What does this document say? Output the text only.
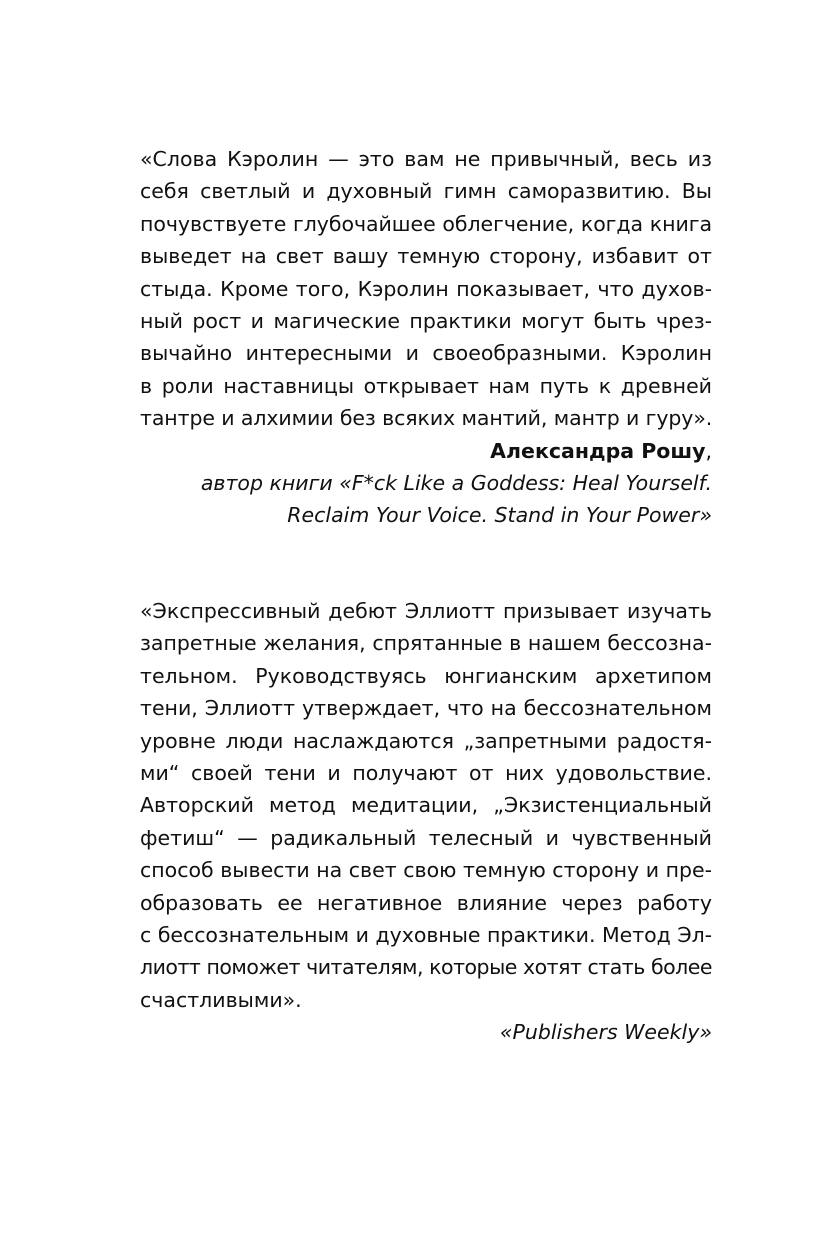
«Слова Кэролин — это вам не привычный, весь из
себя светлый и духовный гимн саморазвитию. Вы
почувствуете глубочайшее облегчение, когда книга
выведет на свет вашу темную сторону, избавит от
стыда. Кроме того, Кэролин показывает, что духов-
ный рост и магические практики могут быть чрез-
вычайно интересными и своеобразными. Кэролин
в роли наставницы открывает нам путь к древней
тантре и алхимии без всяких мантий, мантр и гуру».
Александра Рошу,
автор книги «F*ck Like a Goddess: Heal Yourself.
Reclaim Your Voice. Stand in Your Power»
«Экспрессивный дебют Эллиотт призывает изучать
запретные желания, спрятанные в нашем бессозна-
тельном. Руководствуясь юнгианским архетипом
тени, Эллиотт утверждает, что на бессознательном
уровне люди наслаждаются „запретными радостя-
ми“ своей тени и получают от них удовольствие.
Авторский метод медитации, „Экзистенциальный
фетиш“ — радикальный телесный и чувственный
способ вывести на свет свою темную сторону и пре-
образовать ее негативное влияние через работу
с бессознательным и духовные практики. Метод Эл-
лиотт поможет читателям, которые хотят стать более
счастливыми».
«Publishers Weekly»
